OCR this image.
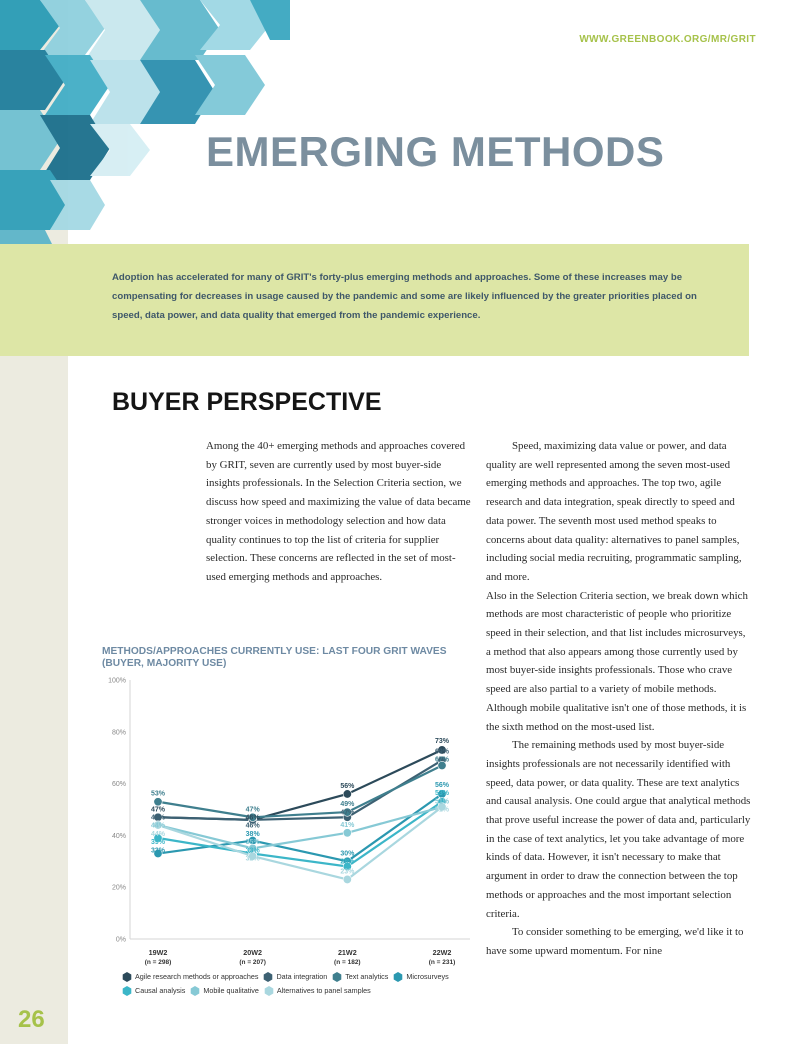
WWW.GREENBOOK.ORG/MR/GRIT
EMERGING METHODS

Adoption has accelerated for many of GRIT's forty-plus emerging methods and approaches. Some of these increases may be compensating for decreases in usage caused by the pandemic and some are likely influenced by the greater priorities placed on speed, data power, and data quality that emerged from the pandemic experience.

BUYER PERSPECTIVE

Among the 40+ emerging methods and approaches covered by GRIT, seven are currently used by most buyer-side insights professionals. In the Selection Criteria section, we discuss how speed and maximizing the value of data became stronger voices in methodology selection and how data quality continues to top the list of criteria for supplier selection. These concerns are reflected in the set of most-used emerging methods and approaches.

Speed, maximizing data value or power, and data quality are well represented among the seven most-used emerging methods and approaches. The top two, agile research and data integration, speak directly to speed and data power. The seventh most used method speaks to concerns about data quality: alternatives to panel samples, including social media recruiting, programmatic sampling, and more.

Also in the Selection Criteria section, we break down which methods are most characteristic of people who prioritize speed in their selection, and that list includes microsurveys, a method that also appears among those currently used by most buyer-side insights professionals. Those who crave speed are also partial to a variety of mobile methods. Although mobile qualitative isn't one of those methods, it is the sixth method on the most-used list.

The remaining methods used by most buyer-side insights professionals are not necessarily identified with speed, data power, or data quality. These are text analytics and causal analysis. One could argue that analytical methods that prove useful increase the power of data and, particularly in the case of text analytics, let you take advantage of more kinds of data. However, it isn't necessary to make that argument in order to draw the connection between the top methods or approaches and the most important selection criteria.

To consider something to be emerging, we'd like it to have some upward momentum. For nine

METHODS/APPROACHES CURRENTLY USE: LAST FOUR GRIT WAVES (BUYER, MAJORITY USE)

0%
20%
40%
60%
80%
100%
19W2
(n = 298)
20W2
(n = 207)
21W2
(n = 182)
22W2
(n = 231)
53%
47%
47%
44%
44%
39%
33%
47%
46%
46%
38%
35%
33%
32%
56%
49%
47%
41%
30%
28%
23%
73%
69%
67%
56%
53%
51%
51%
Agile research methods or approaches	Data integration	Text analytics	MicrosurveysCausal analysis	Mobile qualitative	Alternatives to panel samples
26
